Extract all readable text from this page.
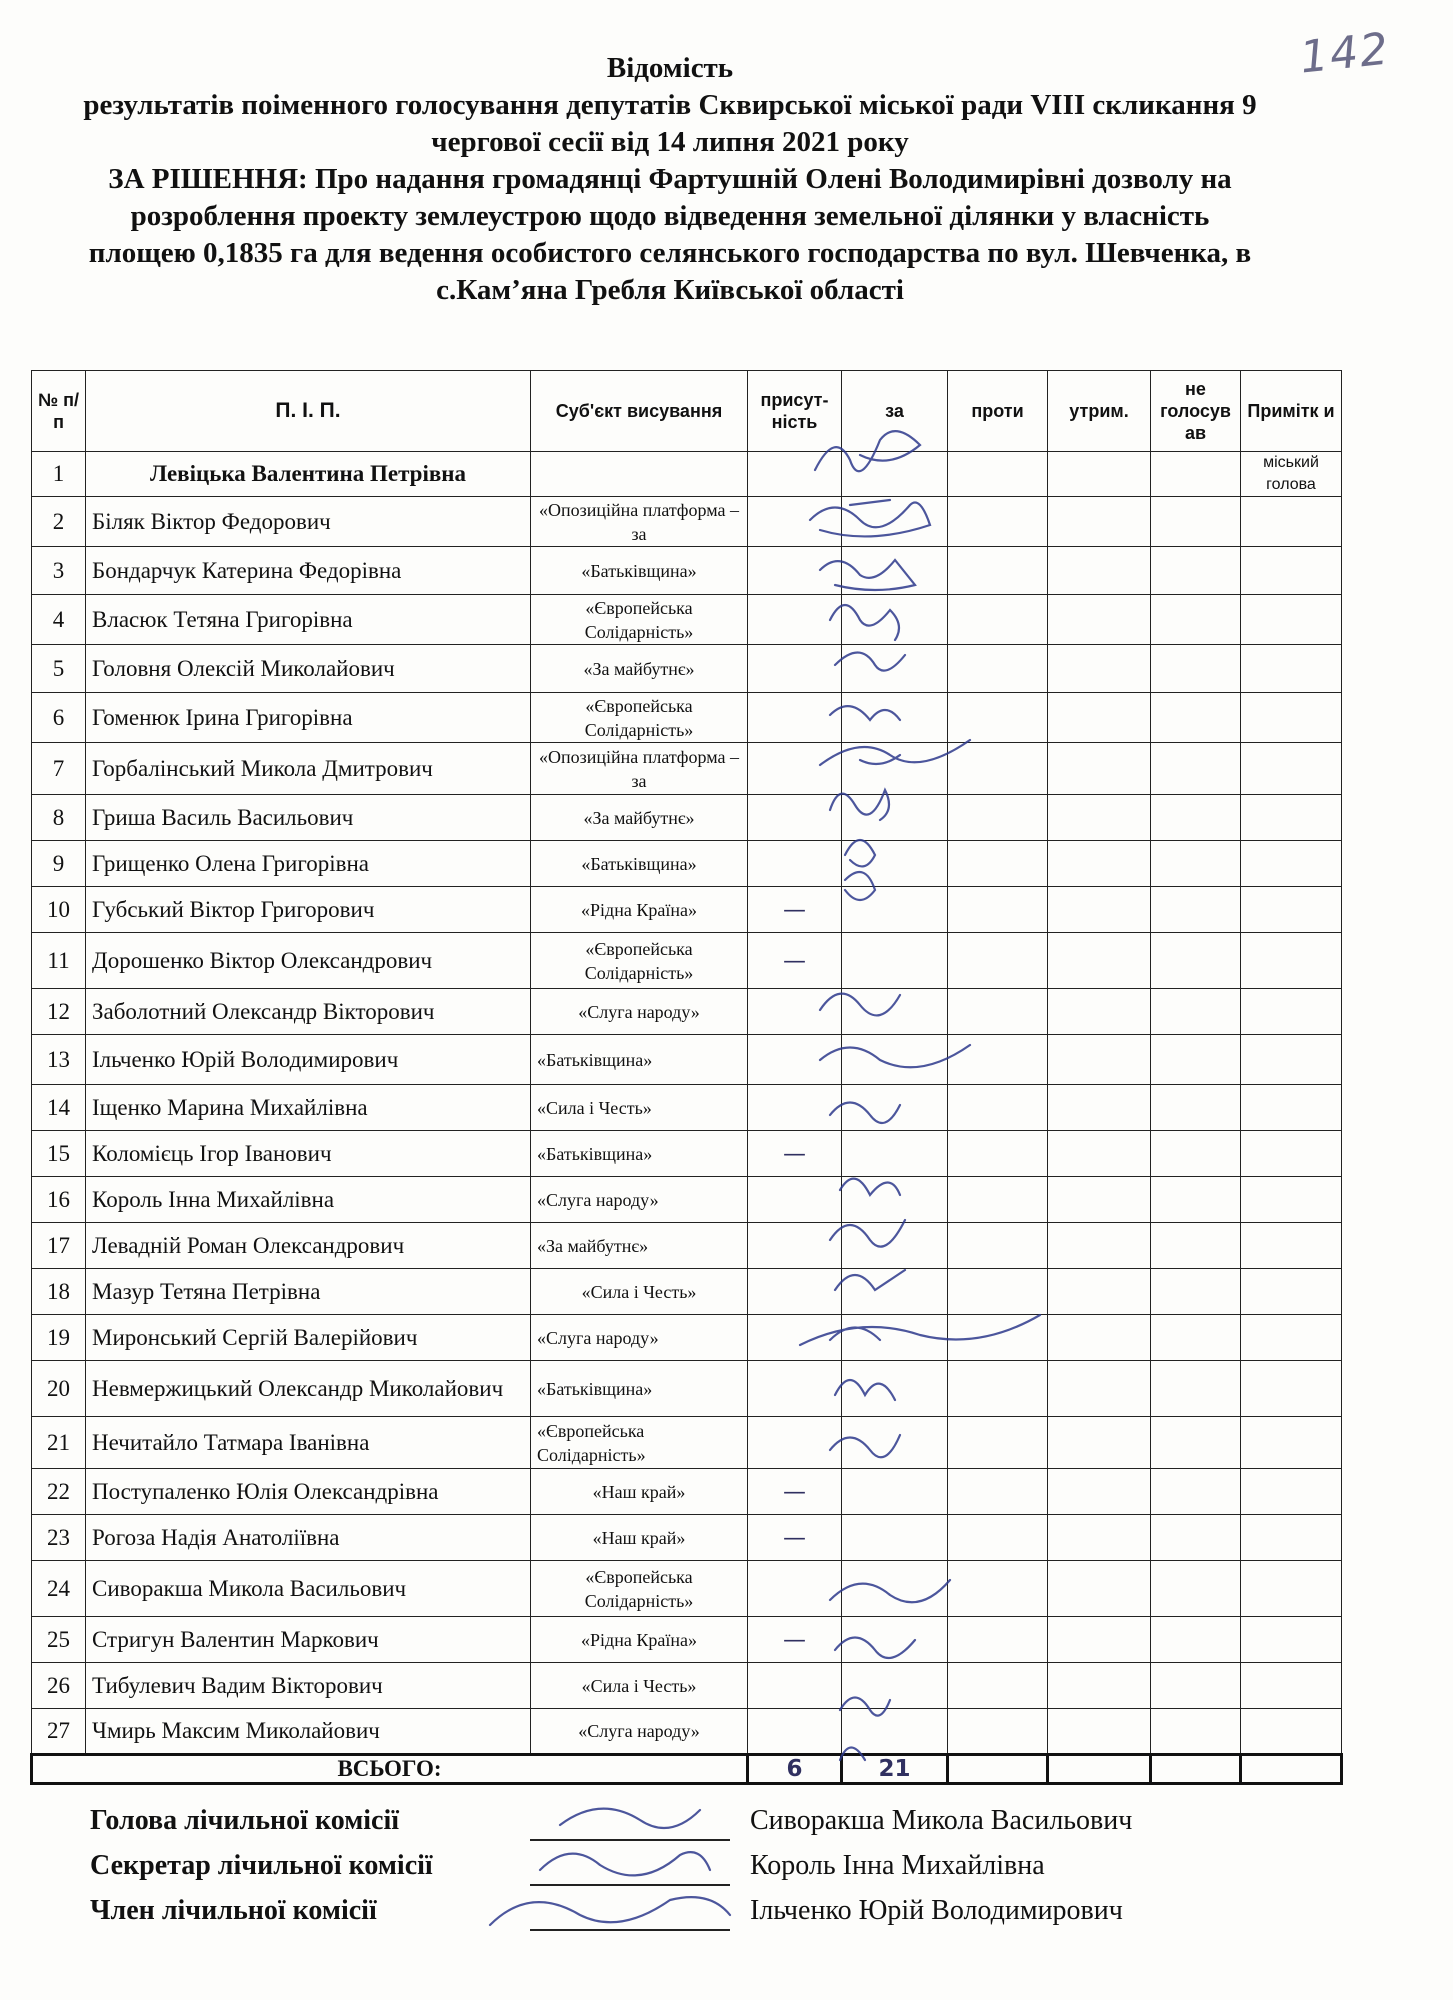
142
Відомість
результатів поіменного голосування депутатів Сквирської міської ради VIII скликання 9
чергової сесії від 14 липня 2021 року
ЗА РІШЕННЯ: Про надання громадянці Фартушній Олені Володимирівні дозволу на
розроблення проекту землеустрою щодо відведення земельної ділянки у власність
площею 0,1835 га для ведення особистого селянського господарства по вул. Шевченка, в
с.Кам’яна Гребля Київської області
№ п/п	П. І. П.	Суб'єкт висування	присут-ність	за	проти	утрим.	не голосув ав	Примітк и
1	Левіцька Валентина Петрівна							міський голова
2	Біляк Віктор Федорович	«Опозиційна платформа – за						
3	Бондарчук Катерина Федорівна	«Батьківщина»						
4	Власюк Тетяна Григорівна	«Європейська Солідарність»						
5	Головня Олексій Миколайович	«За майбутнє»						
6	Гоменюк Ірина Григорівна	«Європейська Солідарність»						
7	Горбалінський Микола Дмитрович	«Опозиційна платформа – за						
8	Гриша Василь Васильович	«За майбутнє»						
9	Грищенко Олена Григорівна	«Батьківщина»						
10	Губський Віктор Григорович	«Рідна Країна»	—					
11	Дорошенко Віктор Олександрович	«Європейська Солідарність»	—					
12	Заболотний Олександр Вікторович	«Слуга народу»						
13	Ільченко Юрій Володимирович	«Батьківщина»						
14	Іщенко Марина Михайлівна	«Сила і Честь»						
15	Коломієць Ігор Іванович	«Батьківщина»	—					
16	Король Інна Михайлівна	«Слуга народу»						
17	Левадній Роман Олександрович	«За майбутнє»						
18	Мазур Тетяна Петрівна	«Сила і Честь»						
19	Миронський Сергій Валерійович	«Слуга народу»						
20	Невмержицький Олександр Миколайович	«Батьківщина»						
21	Нечитайло Татмара Іванівна	«Європейська Солідарність»						
22	Поступаленко Юлія Олександрівна	«Наш край»	—					
23	Рогоза Надія Анатоліївна	«Наш край»	—					
24	Сиворакша Микола Васильович	«Європейська Солідарність»						
25	Стригун Валентин Маркович	«Рідна Країна»	—					
26	Тибулевич Вадим Вікторович	«Сила і Честь»						
27	Чмирь Максим Миколайович	«Слуга народу»						
ВСЬОГО:			6	21				
Голова лічильної комісії	Сиворакша Микола Васильович
Секретар лічильної комісії	Король Інна Михайлівна
Член лічильної комісії	Ільченко Юрій Володимирович
